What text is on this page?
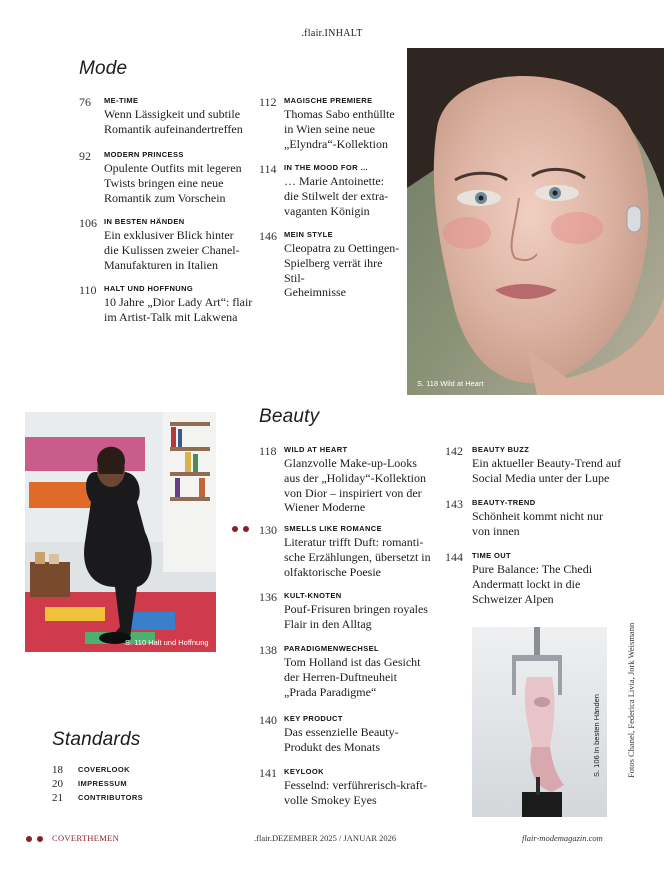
.flair.INHALT
Mode
76 ME-TIME
Wenn Lässigkeit und subtile
Romantik aufeinandertreffen
92 MODERN PRINCESS
Opulente Outfits mit legeren
Twists bringen eine neue
Romantik zum Vorschein
106 IN BESTEN HÄNDEN
Ein exklusiver Blick hinter
die Kulissen zweier Chanel-
Manufakturen in Italien
110 HALT UND HOFFNUNG
10 Jahre „Dior Lady Art“: flair
im Artist-Talk mit Lakwena
112 MAGISCHE PREMIERE
Thomas Sabo enthüllte
in Wien seine neue
„Elyndra“-Kollektion
114 IN THE MOOD FOR …
… Marie Antoinette:
die Stilwelt der extra-
vaganten Königin
146 MEIN STYLE
Cleopatra zu Oettingen-
Spielberg verrät ihre Stil-
Geheimnisse
S. 118 Wild at Heart
S. 110 Halt und Hoffnung
Beauty
118 WILD AT HEART
Glanzvolle Make-up-Looks
aus der „Holiday“-Kollektion
von Dior – inspiriert von der
Wiener Moderne
130 SMELLS LIKE ROMANCE
Literatur trifft Duft: romanti-
sche Erzählungen, übersetzt in
olfaktorische Poesie
136 KULT-KNOTEN
Pouf-Frisuren bringen royales
Flair in den Alltag
138 PARADIGMENWECHSEL
Tom Holland ist das Gesicht
der Herren-Duftneuheit
„Prada Paradigme“
140 KEY PRODUCT
Das essenzielle Beauty-
Produkt des Monats
141 KEYLOOK
Fesselnd: verführerisch-kraft-
volle Smokey Eyes
142 BEAUTY BUZZ
Ein aktueller Beauty-Trend auf
Social Media unter der Lupe
143 BEAUTY-TREND
Schönheit kommt nicht nur
von innen
144 TIME OUT
Pure Balance: The Chedi
Andermatt lockt in die
Schweizer Alpen
S. 106 In besten Händen	Fotos Chanel, Federica Livia, Jork Weismann
Standards
18 COVERLOOK
20 IMPRESSUM
21 CONTRIBUTORS
COVERTHEMEN	.flair.DEZEMBER 2025 / JANUAR 2026	flair-modemagazin.com
